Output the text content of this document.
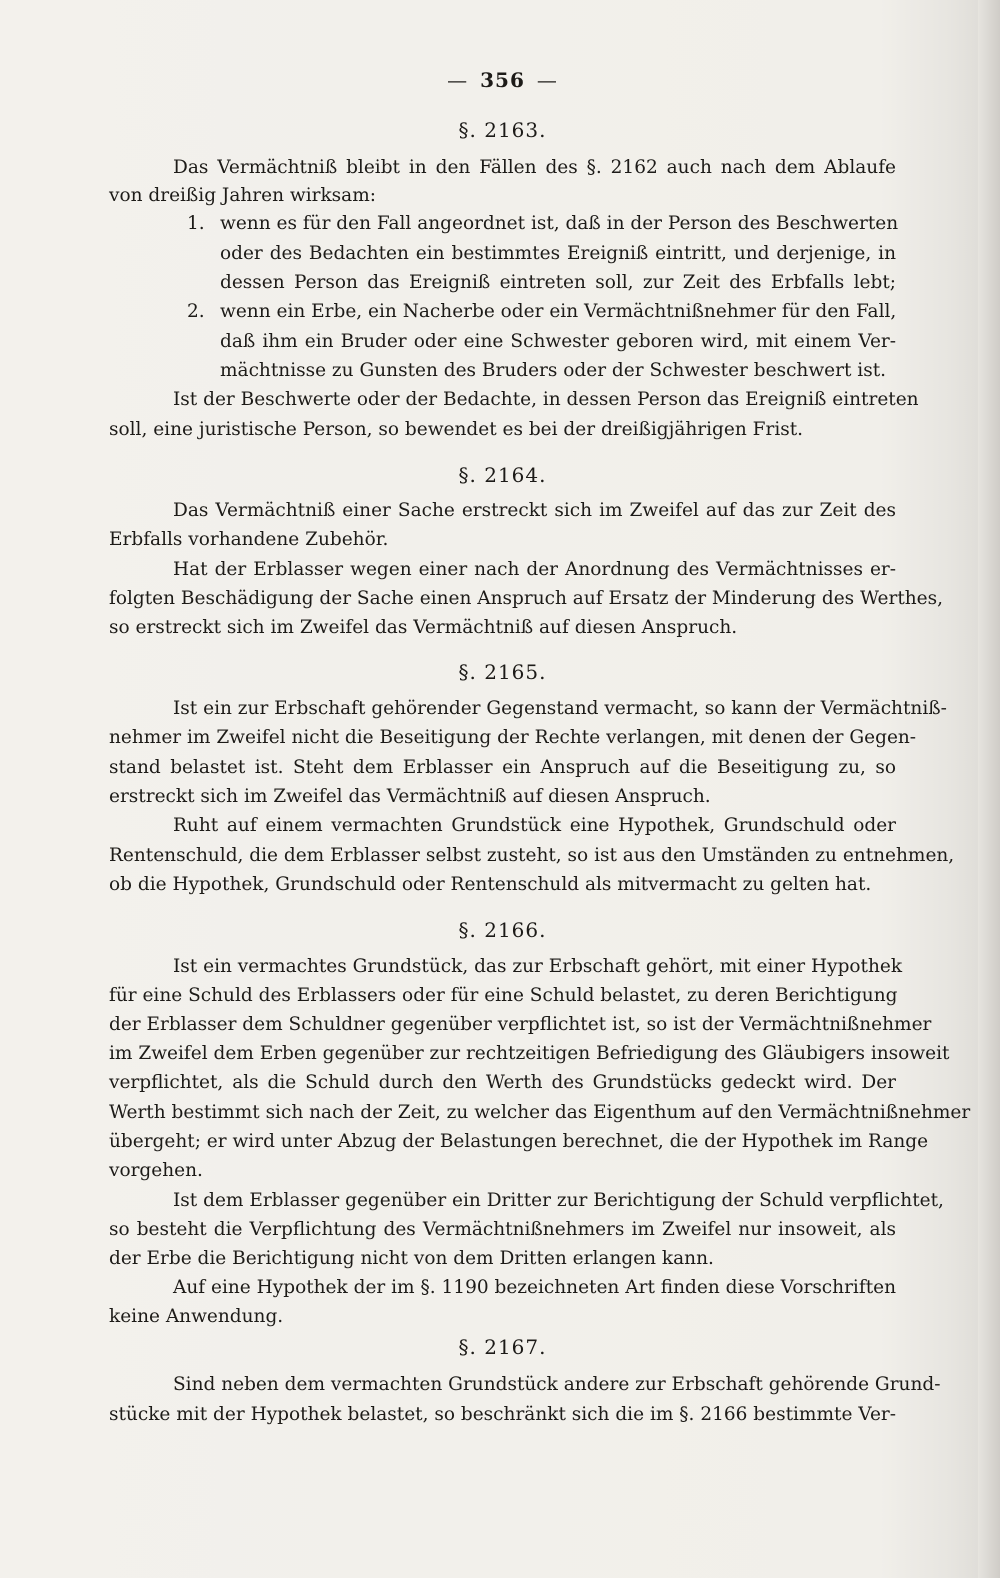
— 356 —
§. 2163.
Das Vermächtniß bleibt in den Fällen des §. 2162 auch nach dem Ablaufe
von dreißig Jahren wirksam:
1. wenn es für den Fall angeordnet ist, daß in der Person des Beschwerten
oder des Bedachten ein bestimmtes Ereigniß eintritt, und derjenige, in
dessen Person das Ereigniß eintreten soll, zur Zeit des Erbfalls lebt;
2. wenn ein Erbe, ein Nacherbe oder ein Vermächtnißnehmer für den Fall,
daß ihm ein Bruder oder eine Schwester geboren wird, mit einem Ver-
mächtnisse zu Gunsten des Bruders oder der Schwester beschwert ist.
Ist der Beschwerte oder der Bedachte, in dessen Person das Ereigniß eintreten
soll, eine juristische Person, so bewendet es bei der dreißigjährigen Frist.
§. 2164.
Das Vermächtniß einer Sache erstreckt sich im Zweifel auf das zur Zeit des
Erbfalls vorhandene Zubehör.
Hat der Erblasser wegen einer nach der Anordnung des Vermächtnisses er-
folgten Beschädigung der Sache einen Anspruch auf Ersatz der Minderung des Werthes,
so erstreckt sich im Zweifel das Vermächtniß auf diesen Anspruch.
§. 2165.
Ist ein zur Erbschaft gehörender Gegenstand vermacht, so kann der Vermächtniß-
nehmer im Zweifel nicht die Beseitigung der Rechte verlangen, mit denen der Gegen-
stand belastet ist. Steht dem Erblasser ein Anspruch auf die Beseitigung zu, so
erstreckt sich im Zweifel das Vermächtniß auf diesen Anspruch.
Ruht auf einem vermachten Grundstück eine Hypothek, Grundschuld oder
Rentenschuld, die dem Erblasser selbst zusteht, so ist aus den Umständen zu entnehmen,
ob die Hypothek, Grundschuld oder Rentenschuld als mitvermacht zu gelten hat.
§. 2166.
Ist ein vermachtes Grundstück, das zur Erbschaft gehört, mit einer Hypothek
für eine Schuld des Erblassers oder für eine Schuld belastet, zu deren Berichtigung
der Erblasser dem Schuldner gegenüber verpflichtet ist, so ist der Vermächtnißnehmer
im Zweifel dem Erben gegenüber zur rechtzeitigen Befriedigung des Gläubigers insoweit
verpflichtet, als die Schuld durch den Werth des Grundstücks gedeckt wird. Der
Werth bestimmt sich nach der Zeit, zu welcher das Eigenthum auf den Vermächtnißnehmer
übergeht; er wird unter Abzug der Belastungen berechnet, die der Hypothek im Range
vorgehen.
Ist dem Erblasser gegenüber ein Dritter zur Berichtigung der Schuld verpflichtet,
so besteht die Verpflichtung des Vermächtnißnehmers im Zweifel nur insoweit, als
der Erbe die Berichtigung nicht von dem Dritten erlangen kann.
Auf eine Hypothek der im §. 1190 bezeichneten Art finden diese Vorschriften
keine Anwendung.
§. 2167.
Sind neben dem vermachten Grundstück andere zur Erbschaft gehörende Grund-
stücke mit der Hypothek belastet, so beschränkt sich die im §. 2166 bestimmte Ver-
